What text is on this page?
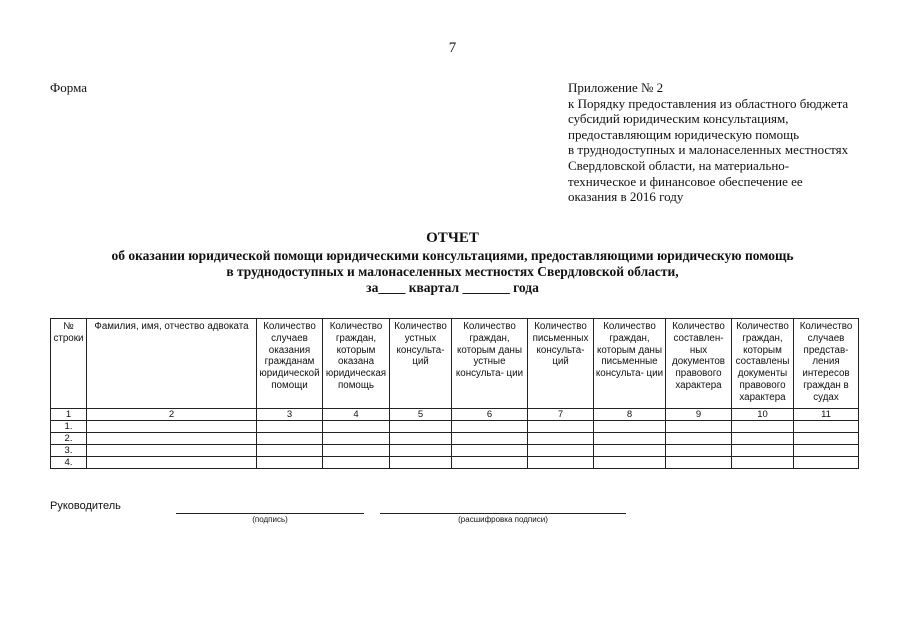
7
Форма	Приложение № 2
к Порядку предоставления из областного бюджета
субсидий юридическим консультациям,
предоставляющим юридическую помощь
в труднодоступных и малонаселенных местностях
Свердловской области, на материально-
техническое и финансовое обеспечение ее
оказания в 2016 году
ОТЧЕТ
об оказании юридической помощи юридическими консультациями, предоставляющими юридическую помощь
в труднодоступных и малонаселенных местностях Свердловской области,
за____ квартал _______ года
№ строки	Фамилия, имя, отчество адвоката	Количество случаев оказания гражданам юридической помощи	Количество граждан, которым оказана юридическая помощь	Количество устных консульта- ций	Количество граждан, которым даны устные консульта- ции	Количество письменных консульта- ций	Количество граждан, которым даны письменные консульта- ции	Количество составлен- ных документов правового характера	Количество граждан, которым составлены документы правового характера	Количество случаев представ- ления интересов граждан в судах
1	2	3	4	5	6	7	8	9	10	11
1.										
2.										
3.										
4.										
Руководитель
(подпись)	(расшифровка подписи)
